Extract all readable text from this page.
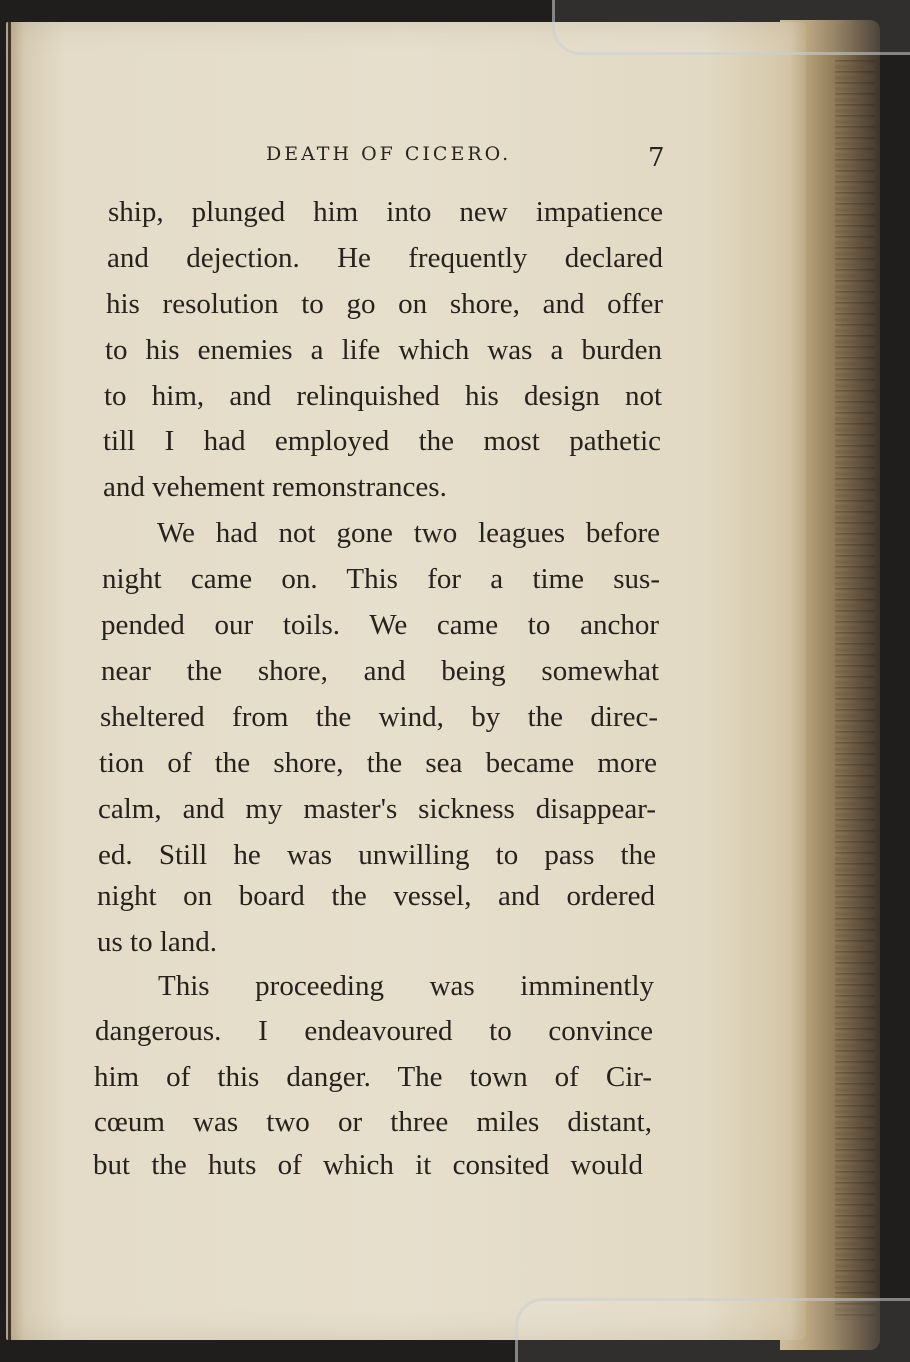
DEATH OF CICERO.	7
ship, plunged him into new impatience
and dejection. He frequently declared
his resolution to go on shore, and offer
to his enemies a life which was a burden
to him, and relinquished his design not
till I had employed the most pathetic
and vehement remonstrances.
We had not gone two leagues before
night came on. This for a time sus-
pended our toils. We came to anchor
near the shore, and being somewhat
sheltered from the wind, by the direc-
tion of the shore, the sea became more
calm, and my master's sickness disappear-
ed. Still he was unwilling to pass the
night on board the vessel, and ordered
us to land.
This proceeding was imminently
dangerous. I endeavoured to convince
him of this danger. The town of Cir-
cœum was two or three miles distant,
but the huts of which it consited would
